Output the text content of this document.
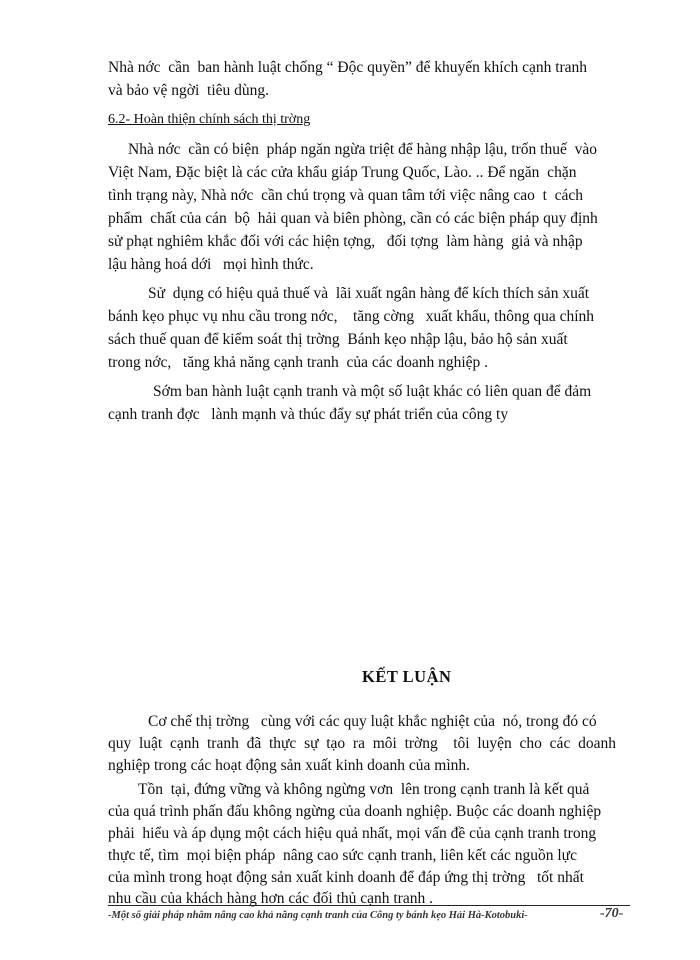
Nhà nớc  cần  ban hành luật chống “ Độc quyền” để khuyến khích cạnh tranh
và bảo vệ ngời  tiêu dùng.
6.2- Hoàn thiện chính sách thị trờng
Nhà nớc  cần có biện  pháp ngăn ngừa triệt để hàng nhập lậu, trốn thuế  vào
Việt Nam, Đặc biệt là các cửa khẩu giáp Trung Quốc, Lào. .. Để ngăn  chặn
tình trạng này, Nhà nớc  cần chú trọng và quan tâm tới việc nâng cao  t  cách
phẩm  chất của cán  bộ  hải quan và biên phòng, cần có các biện pháp quy định
sử phạt nghiêm khắc đối với các hiện tợng,   đối tợng  làm hàng  giả và nhập
lậu hàng hoá dới   mọi hình thức.
Sử  dụng có hiệu quả thuế và  lãi xuất ngân hàng để kích thích sản xuất
bánh kẹo phục vụ nhu cầu trong nớc,    tăng cờng   xuất khẩu, thông qua chính
sách thuế quan để kiểm soát thị trờng  Bánh kẹo nhập lậu, bảo hộ sản xuất
trong nớc,   tăng khả năng cạnh tranh  của các doanh nghiệp .
Sớm ban hành luật cạnh tranh và một số luật khác có liên quan để đảm
cạnh tranh đợc   lành mạnh và thúc đẩy sự phát triển của công ty
KẾT LUẬN
Cơ chế thị trờng   cùng với các quy luật khắc nghiệt của  nó, trong đó có
quy  luật  cạnh  tranh  đã  thực  sự  tạo  ra  môi  trờng    tôi  luyện  cho  các  doanh
nghiệp trong các hoạt động sản xuất kinh doanh của mình.
Tồn  tại, đứng vững và không ngừng vơn  lên trong cạnh tranh là kết quả
của quá trình phấn đấu không ngừng của doanh nghiệp. Buộc các doanh nghiệp
phải  hiểu và áp dụng một cách hiệu quả nhất, mọi vấn đề của cạnh tranh trong
thực tế, tìm  mọi biện pháp  nâng cao sức cạnh tranh, liên kết các nguồn lực
của mình trong hoạt động sản xuất kinh doanh để đáp ứng thị trờng   tốt nhất
nhu cầu của khách hàng hơn các đối thủ cạnh tranh .
-Một số giải pháp nhằm nâng cao khả năng cạnh tranh của Công ty bánh kẹo Hải Hà-Kotobuki-	-70-
